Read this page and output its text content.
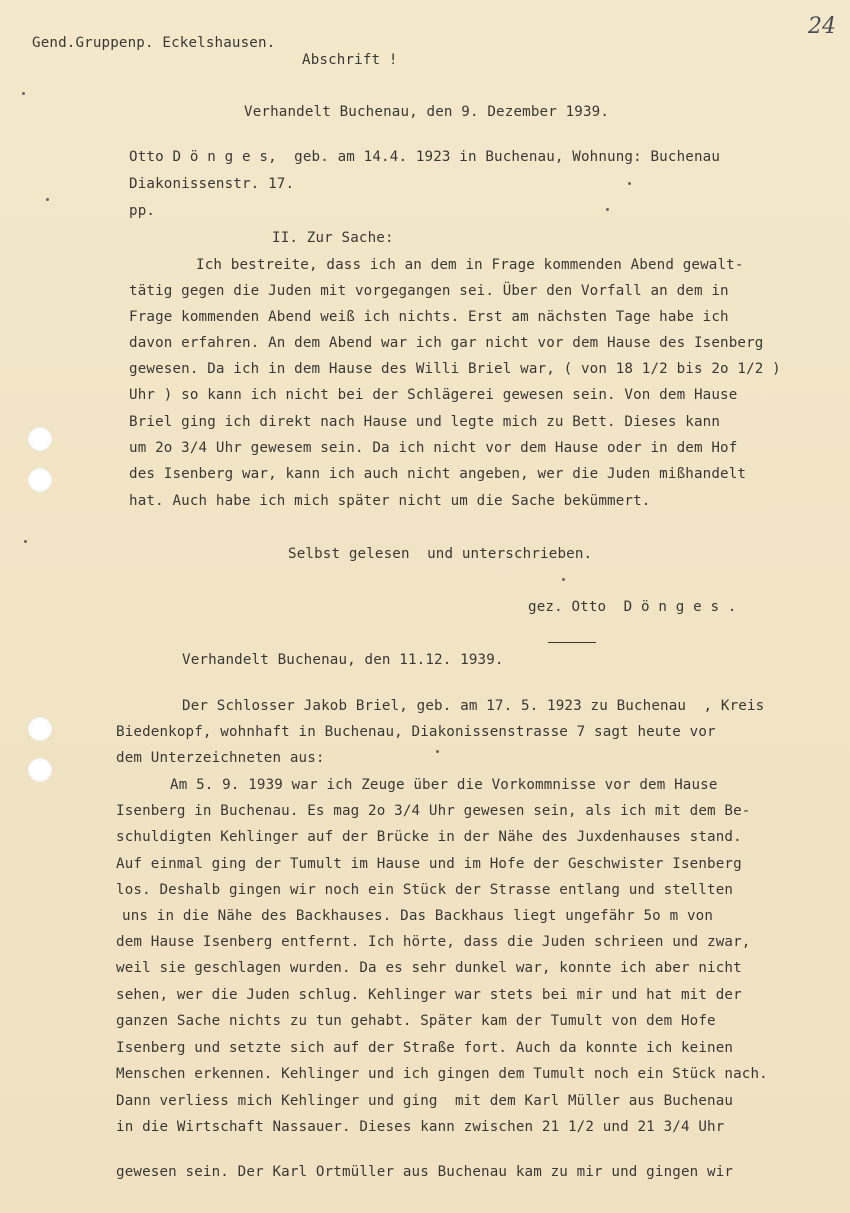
24
Gend.Gruppenp. Eckelshausen.
Abschrift !
Verhandelt Buchenau, den 9. Dezember 1939.
Otto D ö n g e s,  geb. am 14.4. 1923 in Buchenau, Wohnung: Buchenau
Diakonissenstr. 17.
pp.
II. Zur Sache:
Ich bestreite, dass ich an dem in Frage kommenden Abend gewalt-
tätig gegen die Juden mit vorgegangen sei. Über den Vorfall an dem in
Frage kommenden Abend weiß ich nichts. Erst am nächsten Tage habe ich
davon erfahren. An dem Abend war ich gar nicht vor dem Hause des Isenberg
gewesen. Da ich in dem Hause des Willi Briel war, ( von 18 1/2 bis 2o 1/2 )
Uhr ) so kann ich nicht bei der Schlägerei gewesen sein. Von dem Hause
Briel ging ich direkt nach Hause und legte mich zu Bett. Dieses kann
um 2o 3/4 Uhr gewesem sein. Da ich nicht vor dem Hause oder in dem Hof
des Isenberg war, kann ich auch nicht angeben, wer die Juden mißhandelt
hat. Auch habe ich mich später nicht um die Sache bekümmert.
Selbst gelesen  und unterschrieben.
gez. Otto  D ö n g e s .
Verhandelt Buchenau, den 11.12. 1939.
Der Schlosser Jakob Briel, geb. am 17. 5. 1923 zu Buchenau  , Kreis
Biedenkopf, wohnhaft in Buchenau, Diakonissenstrasse 7 sagt heute vor
dem Unterzeichneten aus:
Am 5. 9. 1939 war ich Zeuge über die Vorkommnisse vor dem Hause
Isenberg in Buchenau. Es mag 2o 3/4 Uhr gewesen sein, als ich mit dem Be-
schuldigten Kehlinger auf der Brücke in der Nähe des Juxdenhauses stand.
Auf einmal ging der Tumult im Hause und im Hofe der Geschwister Isenberg
los. Deshalb gingen wir noch ein Stück der Strasse entlang und stellten
uns in die Nähe des Backhauses. Das Backhaus liegt ungefähr 5o m von
dem Hause Isenberg entfernt. Ich hörte, dass die Juden schrieen und zwar,
weil sie geschlagen wurden. Da es sehr dunkel war, konnte ich aber nicht
sehen, wer die Juden schlug. Kehlinger war stets bei mir und hat mit der
ganzen Sache nichts zu tun gehabt. Später kam der Tumult von dem Hofe
Isenberg und setzte sich auf der Straße fort. Auch da konnte ich keinen
Menschen erkennen. Kehlinger und ich gingen dem Tumult noch ein Stück nach.
Dann verliess mich Kehlinger und ging  mit dem Karl Müller aus Buchenau
in die Wirtschaft Nassauer. Dieses kann zwischen 21 1/2 und 21 3/4 Uhr
gewesen sein. Der Karl Ortmüller aus Buchenau kam zu mir und gingen wir
